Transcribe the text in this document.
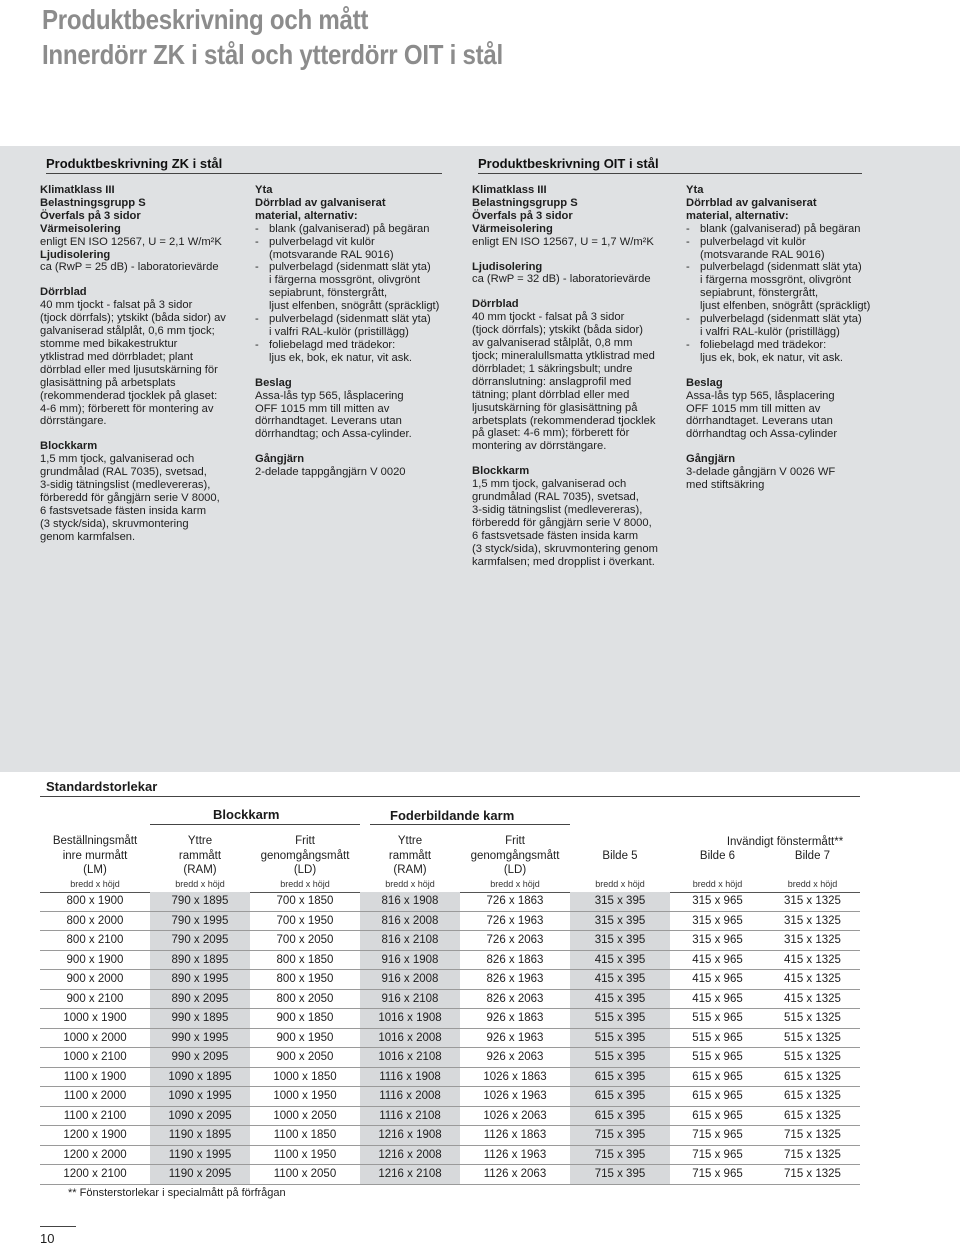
Produktbeskrivning och mått
Innerdörr ZK i stål och ytterdörr OIT i stål
Produktbeskrivning ZK i stål	Produktbeskrivning OIT i stål
Klimatklass III
Belastningsgrupp S
Överfals på 3 sidor
Värmeisolering
enligt EN ISO 12567, U = 2,1 W/m²K
Ljudisolering
ca (RwP = 25 dB) - laboratorievärde
Dörrblad
40 mm tjockt - falsat på 3 sidor
(tjock dörrfals); ytskikt (båda sidor) av
galvaniserad stålplåt, 0,6 mm tjock;
stomme med bikakestruktur
ytklistrad med dörrbladet; plant
dörrblad eller med ljusutskärning för
glasisättning på arbetsplats
(rekommenderad tjocklek på glaset:
4-6 mm); förberett för montering av
dörrstängare.
Blockkarm
1,5 mm tjock, galvaniserad och
grundmålad (RAL 7035), svetsad,
3-sidig tätningslist (medlevereras),
förberedd för gångjärn serie V 8000,
6 fastsvetsade fästen insida karm
(3 styck/sida), skruvmontering
genom karmfalsen.
Yta
Dörrblad av galvaniserat
material, alternativ:
- blank (galvaniserad) på begäran
- pulverbelagd vit kulör
(motsvarande RAL 9016)
- pulverbelagd (sidenmatt slät yta)
i färgerna mossgrönt, olivgrönt
sepiabrunt, fönstergrått,
ljust elfenben, snögrått (spräckligt)
- pulverbelagd (sidenmatt slät yta)
i valfri RAL-kulör (pristillägg)
- foliebelagd med trädekor:
ljus ek, bok, ek natur, vit ask.
Beslag
Assa-lås typ 565, låsplacering
OFF 1015 mm till mitten av
dörrhandtaget. Leverans utan
dörrhandtag; och Assa-cylinder.
Gångjärn
2-delade tappgångjärn V 0020
Klimatklass III
Belastningsgrupp S
Överfals på 3 sidor
Värmeisolering
enligt EN ISO 12567, U = 1,7 W/m²K
Ljudisolering
ca (RwP = 32 dB) - laboratorievärde
Dörrblad
40 mm tjockt - falsat på 3 sidor
(tjock dörrfals); ytskikt (båda sidor)
av galvaniserad stålplåt, 0,8 mm
tjock; mineralullsmatta ytklistrad med
dörrbladet; 1 säkringsbult; undre
dörranslutning: anslagprofil med
tätning; plant dörrblad eller med
ljusutskärning för glasisättning på
arbetsplats (rekommenderad tjocklek
på glaset: 4-6 mm); förberett för
montering av dörrstängare.
Blockkarm
1,5 mm tjock, galvaniserad och
grundmålad (RAL 7035), svetsad,
3-sidig tätningslist (medlevereras),
förberedd för gångjärn serie V 8000,
6 fastsvetsade fästen insida karm
(3 styck/sida), skruvmontering genom
karmfalsen; med dropplist i överkant.
Yta
Dörrblad av galvaniserat
material, alternativ:
- blank (galvaniserad) på begäran
- pulverbelagd vit kulör
(motsvarande RAL 9016)
- pulverbelagd (sidenmatt slät yta)
i färgerna mossgrönt, olivgrönt
sepiabrunt, fönstergrått,
ljust elfenben, snögrått (spräckligt)
- pulverbelagd (sidenmatt slät yta)
i valfri RAL-kulör (pristillägg)
- foliebelagd med trädekor:
ljus ek, bok, ek natur, vit ask.
Beslag
Assa-lås typ 565, låsplacering
OFF 1015 mm till mitten av
dörrhandtaget. Leverans utan
dörrhandtag och Assa-cylinder
Gångjärn
3-delade gångjärn V 0026 WF
med stiftsäkring
Standardstorlekar
Blockkarm	Foderbildande karm
Invändigt fönstermått**
Beställningsmått
inre murmått
(LM)
bredd x höjd
Yttre
rammått
(RAM)
bredd x höjd
Fritt
genomgångsmått
(LD)
bredd x höjd
Yttre
rammått
(RAM)
bredd x höjd
Fritt
genomgångsmått
(LD)
bredd x höjd
Bilde 5
bredd x höjd
Bilde 6
bredd x höjd
Bilde 7
bredd x höjd
800 x 1900	790 x 1895	700 x 1850	816 x 1908	726 x 1863	315 x 395	315 x 965	315 x 1325
800 x 2000	790 x 1995	700 x 1950	816 x 2008	726 x 1963	315 x 395	315 x 965	315 x 1325
800 x 2100	790 x 2095	700 x 2050	816 x 2108	726 x 2063	315 x 395	315 x 965	315 x 1325
900 x 1900	890 x 1895	800 x 1850	916 x 1908	826 x 1863	415 x 395	415 x 965	415 x 1325
900 x 2000	890 x 1995	800 x 1950	916 x 2008	826 x 1963	415 x 395	415 x 965	415 x 1325
900 x 2100	890 x 2095	800 x 2050	916 x 2108	826 x 2063	415 x 395	415 x 965	415 x 1325
1000 x 1900	990 x 1895	900 x 1850	1016 x 1908	926 x 1863	515 x 395	515 x 965	515 x 1325
1000 x 2000	990 x 1995	900 x 1950	1016 x 2008	926 x 1963	515 x 395	515 x 965	515 x 1325
1000 x 2100	990 x 2095	900 x 2050	1016 x 2108	926 x 2063	515 x 395	515 x 965	515 x 1325
1100 x 1900	1090 x 1895	1000 x 1850	1116 x 1908	1026 x 1863	615 x 395	615 x 965	615 x 1325
1100 x 2000	1090 x 1995	1000 x 1950	1116 x 2008	1026 x 1963	615 x 395	615 x 965	615 x 1325
1100 x 2100	1090 x 2095	1000 x 2050	1116 x 2108	1026 x 2063	615 x 395	615 x 965	615 x 1325
1200 x 1900	1190 x 1895	1100 x 1850	1216 x 1908	1126 x 1863	715 x 395	715 x 965	715 x 1325
1200 x 2000	1190 x 1995	1100 x 1950	1216 x 2008	1126 x 1963	715 x 395	715 x 965	715 x 1325
1200 x 2100	1190 x 2095	1100 x 2050	1216 x 2108	1126 x 2063	715 x 395	715 x 965	715 x 1325
** Fönsterstorlekar i specialmått på förfrågan
10
